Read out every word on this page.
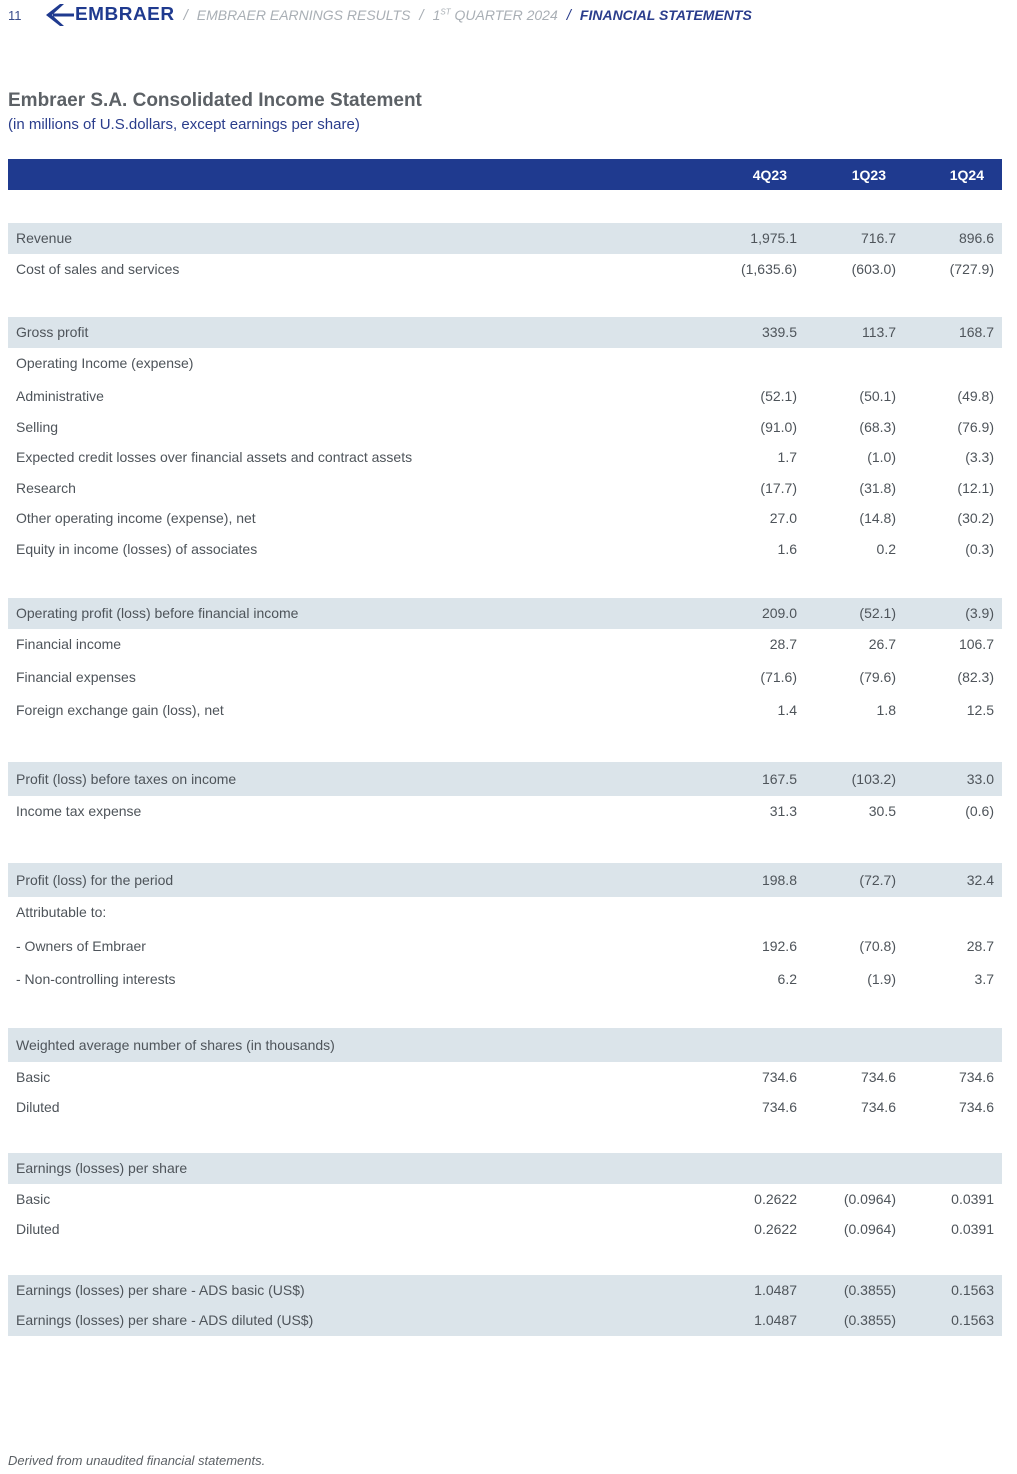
11	EMBRAER / EMBRAER EARNINGS RESULTS / 1ST QUARTER 2024 / FINANCIAL STATEMENTS
Embraer S.A. Consolidated Income Statement
(in millions of U.S.dollars, except earnings per share)
4Q23	1Q23	1Q24
Revenue	1,975.1	716.7	896.6
Cost of sales and services	(1,635.6)	(603.0)	(727.9)
Gross profit	339.5	113.7	168.7
Operating Income (expense)
Administrative	(52.1)	(50.1)	(49.8)
Selling	(91.0)	(68.3)	(76.9)
Expected credit losses over financial assets and contract assets	1.7	(1.0)	(3.3)
Research	(17.7)	(31.8)	(12.1)
Other operating income (expense), net	27.0	(14.8)	(30.2)
Equity in income (losses) of associates	1.6	0.2	(0.3)
Operating profit (loss) before financial income	209.0	(52.1)	(3.9)
Financial income	28.7	26.7	106.7
Financial expenses	(71.6)	(79.6)	(82.3)
Foreign exchange gain (loss), net	1.4	1.8	12.5
Profit (loss) before taxes on income	167.5	(103.2)	33.0
Income tax expense	31.3	30.5	(0.6)
Profit (loss) for the period	198.8	(72.7)	32.4
Attributable to:
- Owners of Embraer	192.6	(70.8)	28.7
- Non-controlling interests	6.2	(1.9)	3.7
Weighted average number of shares (in thousands)
Basic	734.6	734.6	734.6
Diluted	734.6	734.6	734.6
Earnings (losses) per share
Basic	0.2622	(0.0964)	0.0391
Diluted	0.2622	(0.0964)	0.0391
Earnings (losses) per share - ADS basic (US$)	1.0487	(0.3855)	0.1563
Earnings (losses) per share - ADS diluted (US$)	1.0487	(0.3855)	0.1563
Derived from unaudited financial statements.
